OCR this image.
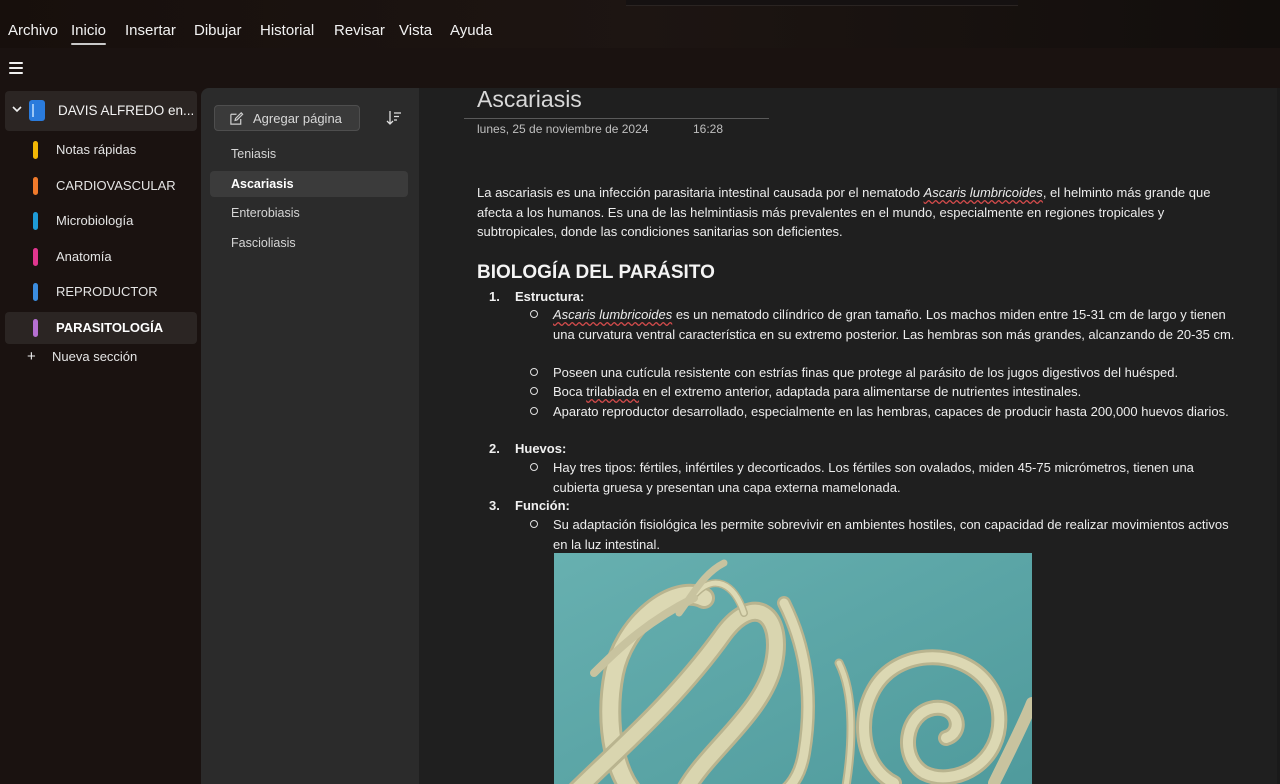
Archivo Inicio Insertar Dibujar Historial Revisar Vista Ayuda
DAVIS ALFREDO en...
Notas rápidas
CARDIOVASCULAR
Microbiología
Anatomía
REPRODUCTOR
PARASITOLOGÍA
+ Nueva sección
Agregar página
Teniasis
Ascariasis
Enterobiasis
Fascioliasis
Ascariasis
lunes, 25 de noviembre de 2024	16:28
La ascariasis es una infección parasitaria intestinal causada por el nematodo Ascaris lumbricoides, el helminto más grande que afecta a los humanos. Es una de las helmintiasis más prevalentes en el mundo, especialmente en regiones tropicales y subtropicales, donde las condiciones sanitarias son deficientes.
BIOLOGÍA DEL PARÁSITO
1. Estructura:
Ascaris lumbricoides es un nematodo cilíndrico de gran tamaño. Los machos miden entre 15-31 cm de largo y tienen una curvatura ventral característica en su extremo posterior. Las hembras son más grandes, alcanzando de 20-35 cm.
Poseen una cutícula resistente con estrías finas que protege al parásito de los jugos digestivos del huésped.
Boca trilabiada en el extremo anterior, adaptada para alimentarse de nutrientes intestinales.
Aparato reproductor desarrollado, especialmente en las hembras, capaces de producir hasta 200,000 huevos diarios.
2. Huevos:
Hay tres tipos: fértiles, infértiles y decorticados. Los fértiles son ovalados, miden 45-75 micrómetros, tienen una cubierta gruesa y presentan una capa externa mamelonada.
3. Función:
Su adaptación fisiológica les permite sobrevivir en ambientes hostiles, con capacidad de realizar movimientos activos en la luz intestinal.
